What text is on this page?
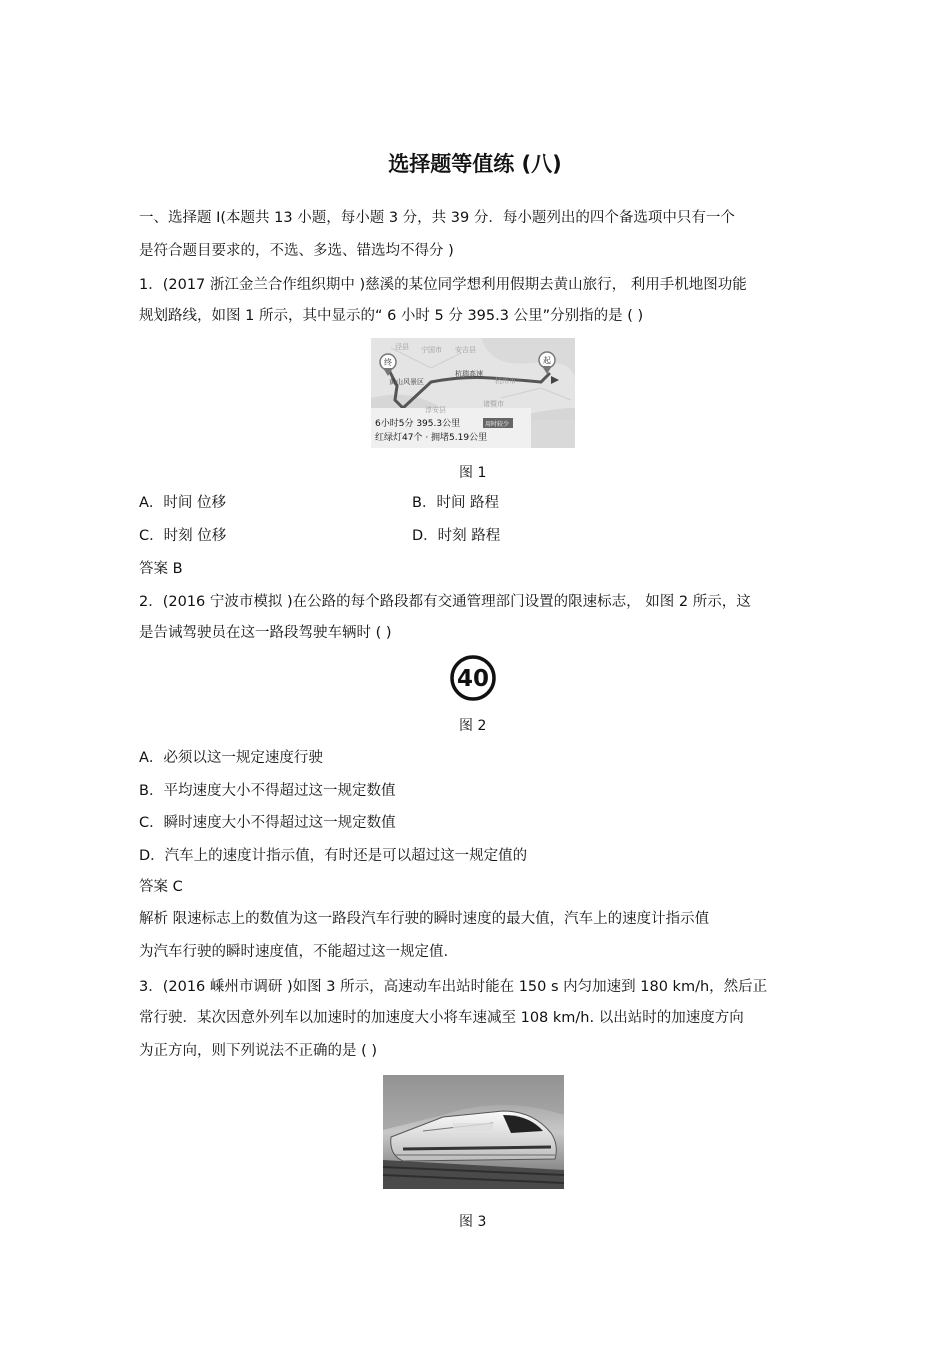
选择题等值练 (八)
一、选择题 Ⅰ(本题共 13 小题，每小题 3 分，共 39 分．每小题列出的四个备选项中只有一个
是符合题目要求的，不选、多选、错选均不得分 )
1．(2017 浙江金兰合作组织期中 )慈溪的某位同学想利用假期去黄山旅行， 利用手机地图功能
规划路线，如图 1 所示，其中显示的“ 6 小时 5 分 395.3 公里”分别指的是 ( )
泾县 宁国市 安吉县
杭州市
诸暨市
淳安县
杭瑞高速
黄山风景区
终	起
6小时5分 395.3公里	用时较少
红绿灯47个 · 拥堵5.19公里
图 1
A．时间 位移	B．时间 路程
C．时刻 位移	D．时刻 路程
答案 B
2．(2016 宁波市模拟 )在公路的每个路段都有交通管理部门设置的限速标志， 如图 2 所示，这
是告诫驾驶员在这一路段驾驶车辆时 ( )
40
图 2
A．必须以这一规定速度行驶
B．平均速度大小不得超过这一规定数值
C．瞬时速度大小不得超过这一规定数值
D．汽车上的速度计指示值，有时还是可以超过这一规定值的
答案 C
解析 限速标志上的数值为这一路段汽车行驶的瞬时速度的最大值，汽车上的速度计指示值
为汽车行驶的瞬时速度值，不能超过这一规定值.
3．(2016 嵊州市调研 )如图 3 所示，高速动车出站时能在 150 s 内匀加速到 180 km/h，然后正
常行驶．某次因意外列车以加速时的加速度大小将车速减至 108 km/h. 以出站时的加速度方向
为正方向，则下列说法不正确的是 ( )
图 3
